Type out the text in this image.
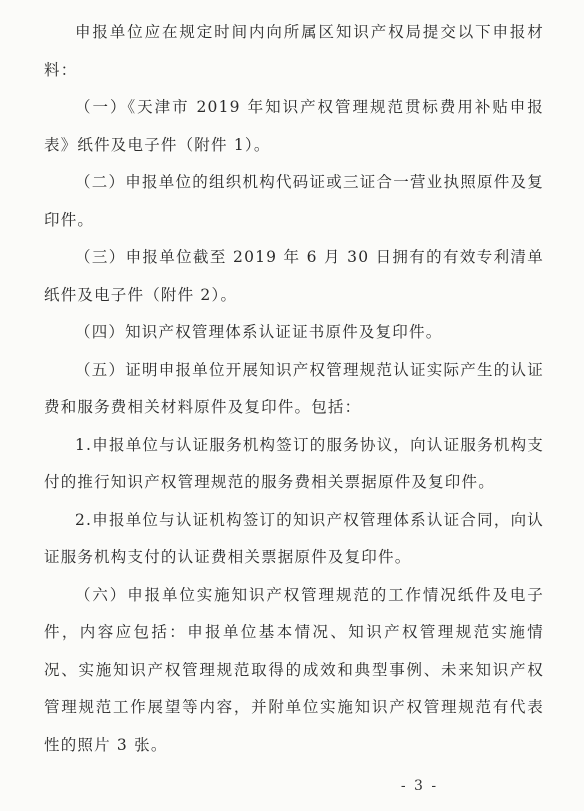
申报单位应在规定时间内向所属区知识产权局提交以下申报材料：

（一）《天津市 2019 年知识产权管理规范贯标费用补贴申报表》纸件及电子件（附件 1）。

（二）申报单位的组织机构代码证或三证合一营业执照原件及复印件。

（三）申报单位截至 2019 年 6 月 30 日拥有的有效专利清单纸件及电子件（附件 2）。

（四）知识产权管理体系认证证书原件及复印件。

（五）证明申报单位开展知识产权管理规范认证实际产生的认证费和服务费相关材料原件及复印件。包括：

1.申报单位与认证服务机构签订的服务协议，向认证服务机构支付的推行知识产权管理规范的服务费相关票据原件及复印件。

2.申报单位与认证机构签订的知识产权管理体系认证合同，向认证服务机构支付的认证费相关票据原件及复印件。

（六）申报单位实施知识产权管理规范的工作情况纸件及电子件，内容应包括：申报单位基本情况、知识产权管理规范实施情况、实施知识产权管理规范取得的成效和典型事例、未来知识产权管理规范工作展望等内容，并附单位实施知识产权管理规范有代表性的照片 3 张。

- 3 -
